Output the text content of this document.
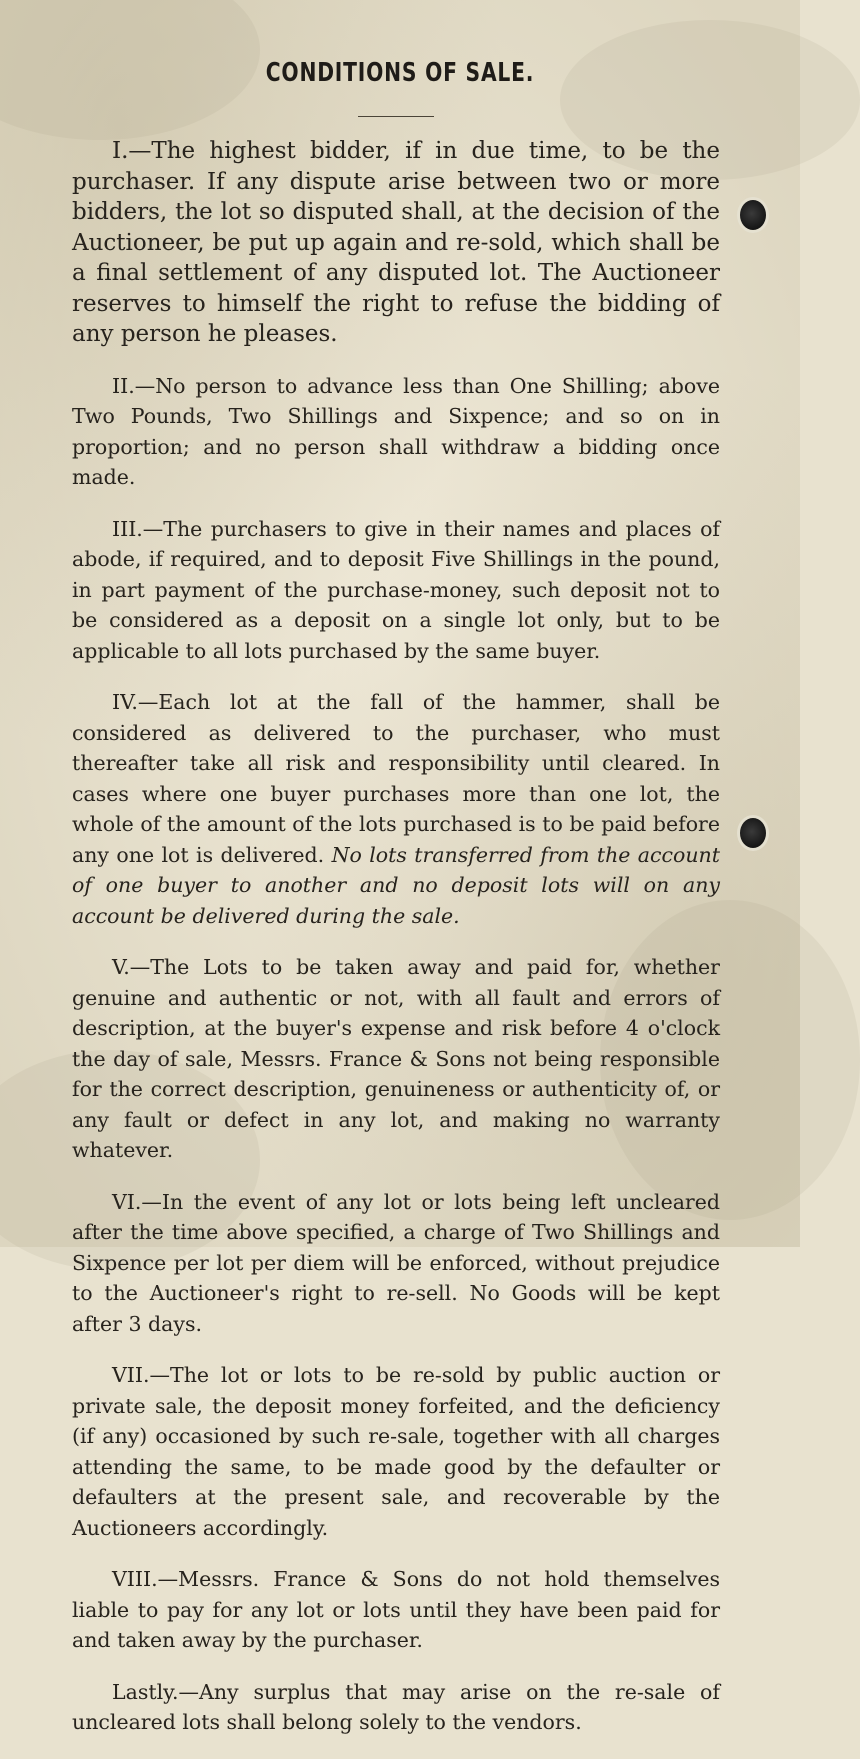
CONDITIONS OF SALE.

I.—The highest bidder, if in due time, to be the purchaser. If any dispute arise between two or more bidders, the lot so disputed shall, at the decision of the Auctioneer, be put up again and re-sold, which shall be a final settlement of any disputed lot. The Auctioneer reserves to himself the right to refuse the bidding of any person he pleases.

II.—No person to advance less than One Shilling; above Two Pounds, Two Shillings and Sixpence; and so on in proportion; and no person shall withdraw a bidding once made.

III.—The purchasers to give in their names and places of abode, if required, and to deposit Five Shillings in the pound, in part payment of the purchase-money, such deposit not to be considered as a deposit on a single lot only, but to be applicable to all lots purchased by the same buyer.

IV.—Each lot at the fall of the hammer, shall be considered as delivered to the purchaser, who must thereafter take all risk and responsibility until cleared. In cases where one buyer purchases more than one lot, the whole of the amount of the lots purchased is to be paid before any one lot is delivered. No lots transferred from the account of one buyer to another and no deposit lots will on any account be delivered during the sale.

V.—The Lots to be taken away and paid for, whether genuine and authentic or not, with all fault and errors of description, at the buyer's expense and risk before 4 o'clock the day of sale, Messrs. France & Sons not being responsible for the correct description, genuineness or authenticity of, or any fault or defect in any lot, and making no warranty whatever.

VI.—In the event of any lot or lots being left uncleared after the time above specified, a charge of Two Shillings and Sixpence per lot per diem will be enforced, without prejudice to the Auctioneer's right to re-sell. No Goods will be kept after 3 days.

VII.—The lot or lots to be re-sold by public auction or private sale, the deposit money forfeited, and the deficiency (if any) occasioned by such re-sale, together with all charges attending the same, to be made good by the defaulter or defaulters at the present sale, and recoverable by the Auctioneers accordingly.

VIII.—Messrs. France & Sons do not hold themselves liable to pay for any lot or lots until they have been paid for and taken away by the purchaser.

Lastly.—Any surplus that may arise on the re-sale of uncleared lots shall belong solely to the vendors.
